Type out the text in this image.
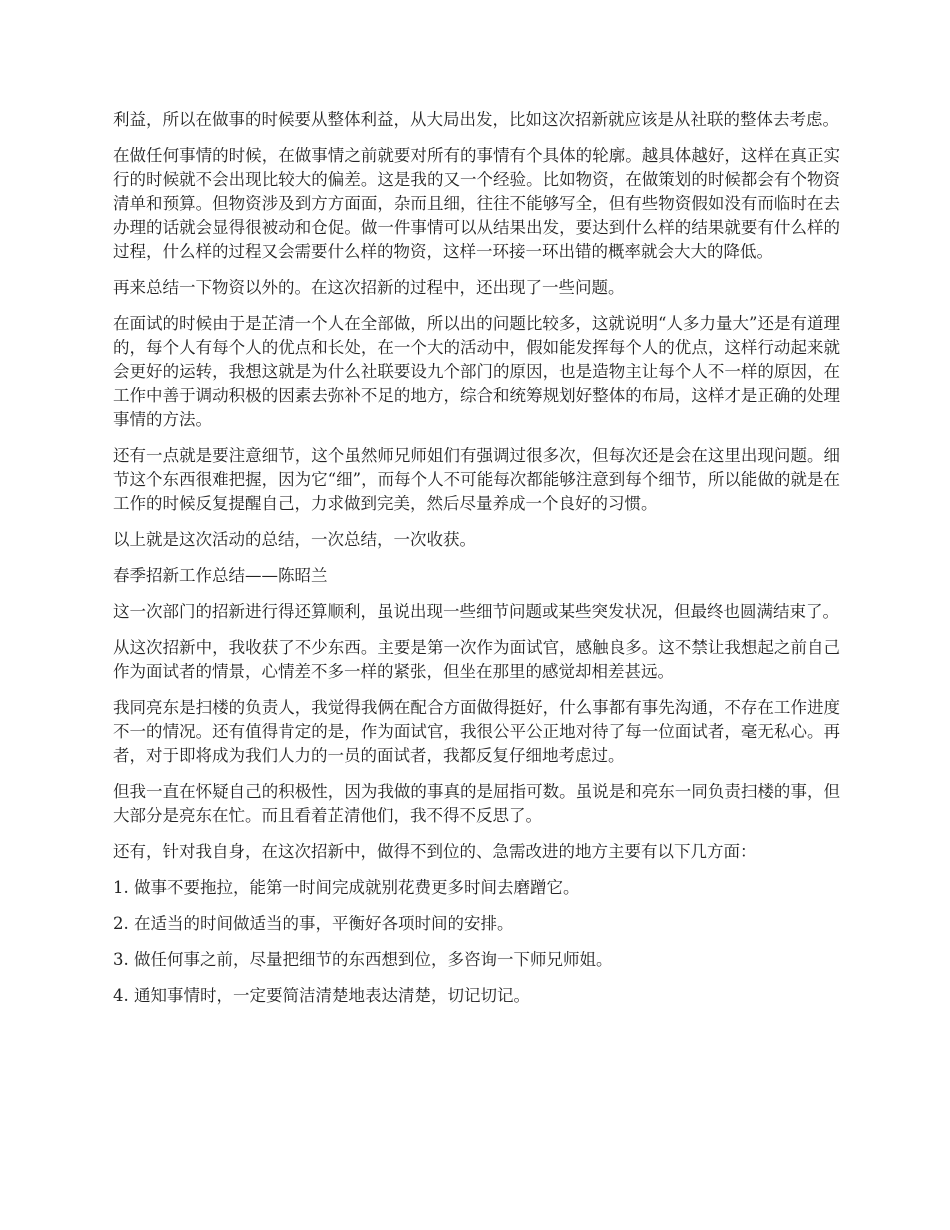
利益，所以在做事的时候要从整体利益，从大局出发，比如这次招新就应该是从社联的整体去考虑。

在做任何事情的时候，在做事情之前就要对所有的事情有个具体的轮廓。越具体越好，这样在真正实行的时候就不会出现比较大的偏差。这是我的又一个经验。比如物资，在做策划的时候都会有个物资清单和预算。但物资涉及到方方面面，杂而且细，往往不能够写全，但有些物资假如没有而临时在去办理的话就会显得很被动和仓促。做一件事情可以从结果出发，要达到什么样的结果就要有什么样的过程，什么样的过程又会需要什么样的物资，这样一环接一环出错的概率就会大大的降低。

再来总结一下物资以外的。在这次招新的过程中，还出现了一些问题。

在面试的时候由于是芷清一个人在全部做，所以出的问题比较多，这就说明“人多力量大”还是有道理的，每个人有每个人的优点和长处，在一个大的活动中，假如能发挥每个人的优点，这样行动起来就会更好的运转，我想这就是为什么社联要设九个部门的原因，也是造物主让每个人不一样的原因，在工作中善于调动积极的因素去弥补不足的地方，综合和统筹规划好整体的布局，这样才是正确的处理事情的方法。

还有一点就是要注意细节，这个虽然师兄师姐们有强调过很多次，但每次还是会在这里出现问题。细节这个东西很难把握，因为它“细”，而每个人不可能每次都能够注意到每个细节，所以能做的就是在工作的时候反复提醒自己，力求做到完美，然后尽量养成一个良好的习惯。

以上就是这次活动的总结，一次总结，一次收获。

春季招新工作总结——陈昭兰

这一次部门的招新进行得还算顺利，虽说出现一些细节问题或某些突发状况，但最终也圆满结束了。

从这次招新中，我收获了不少东西。主要是第一次作为面试官，感触良多。这不禁让我想起之前自己作为面试者的情景，心情差不多一样的紧张，但坐在那里的感觉却相差甚远。

我同亮东是扫楼的负责人，我觉得我俩在配合方面做得挺好，什么事都有事先沟通，不存在工作进度不一的情况。还有值得肯定的是，作为面试官，我很公平公正地对待了每一位面试者，毫无私心。再者，对于即将成为我们人力的一员的面试者，我都反复仔细地考虑过。

但我一直在怀疑自己的积极性，因为我做的事真的是屈指可数。虽说是和亮东一同负责扫楼的事，但大部分是亮东在忙。而且看着芷清他们，我不得不反思了。

还有，针对我自身，在这次招新中，做得不到位的、急需改进的地方主要有以下几方面：

1. 做事不要拖拉，能第一时间完成就别花费更多时间去磨蹭它。

2. 在适当的时间做适当的事，平衡好各项时间的安排。

3. 做任何事之前，尽量把细节的东西想到位，多咨询一下师兄师姐。

4. 通知事情时，一定要简洁清楚地表达清楚，切记切记。
